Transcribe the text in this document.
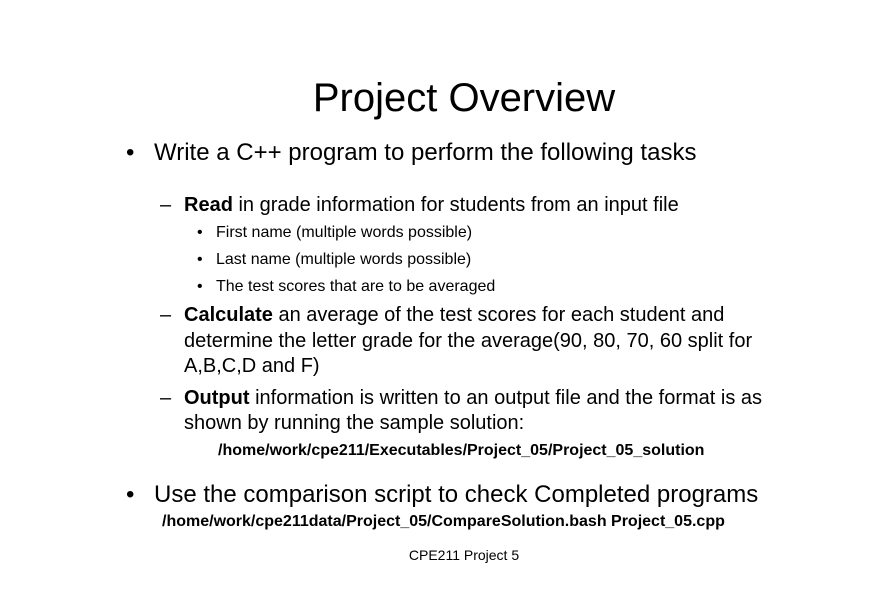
Project Overview
• Write a C++ program to perform the following tasks
– Read in grade information for students from an input file
• First name (multiple words possible)
• Last name (multiple words possible)
• The test scores that are to be averaged
– Calculate an average of the test scores for each student and
determine the letter grade for the average(90, 80, 70, 60 split for
A,B,C,D and F)
– Output information is written to an output file and the format is as
shown by running the sample solution:
/home/work/cpe211/Executables/Project_05/Project_05_solution
• Use the comparison script to check Completed programs
/home/work/cpe211data/Project_05/CompareSolution.bash Project_05.cpp
CPE211 Project 5
